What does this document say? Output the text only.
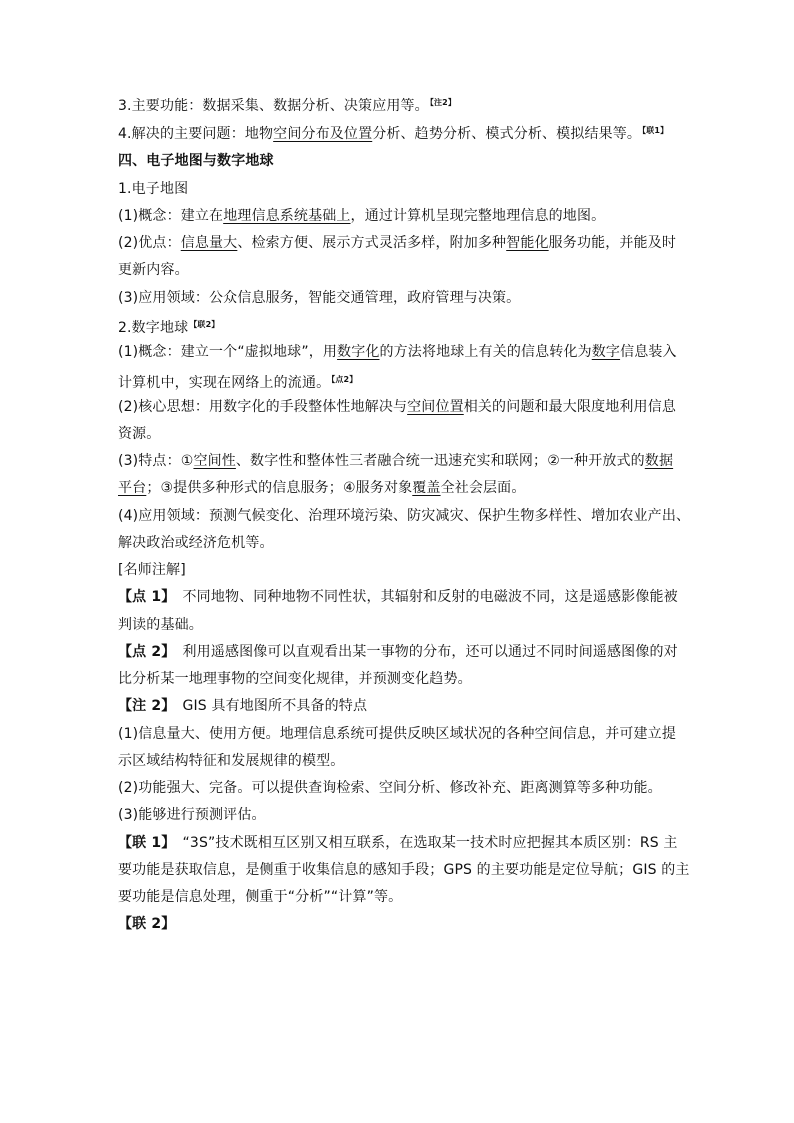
3.主要功能：数据采集、数据分析、决策应用等。$^{【注2】}$
4.解决的主要问题：地物空间分布及位置分析、趋势分析、模式分析、模拟结果等。$^{【联1】}$
四、电子地图与数字地球
1.电子地图
(1)概念：建立在地理信息系统基础上，通过计算机呈现完整地理信息的地图。
(2)优点：信息量大、检索方便、展示方式灵活多样，附加多种智能化服务功能，并能及时
更新内容。
(3)应用领域：公众信息服务，智能交通管理，政府管理与决策。
2.数字地球$^{【联2】}$
(1)概念：建立一个“虚拟地球”，用数字化的方法将地球上有关的信息转化为数字信息装入
计算机中，实现在网络上的流通。$^{【点2】}$
(2)核心思想：用数字化的手段整体性地解决与空间位置相关的问题和最大限度地利用信息
资源。
(3)特点：①空间性、数字性和整体性三者融合统一迅速充实和联网；②一种开放式的数据
平台；③提供多种形式的信息服务；④服务对象覆盖全社会层面。
(4)应用领域：预测气候变化、治理环境污染、防灾减灾、保护生物多样性、增加农业产出、
解决政治或经济危机等。
[名师注解]
【点 1】　不同地物、同种地物不同性状，其辐射和反射的电磁波不同，这是遥感影像能被
判读的基础。
【点 2】　利用遥感图像可以直观看出某一事物的分布，还可以通过不同时间遥感图像的对
比分析某一地理事物的空间变化规律，并预测变化趋势。
【注 2】　GIS 具有地图所不具备的特点
(1)信息量大、使用方便。地理信息系统可提供反映区域状况的各种空间信息，并可建立提
示区域结构特征和发展规律的模型。
(2)功能强大、完备。可以提供查询检索、空间分析、修改补充、距离测算等多种功能。
(3)能够进行预测评估。
【联 1】　“3S”技术既相互区别又相互联系，在选取某一技术时应把握其本质区别：RS 主
要功能是获取信息，是侧重于收集信息的感知手段；GPS 的主要功能是定位导航；GIS 的主
要功能是信息处理，侧重于“分析”“计算”等。
【联 2】
